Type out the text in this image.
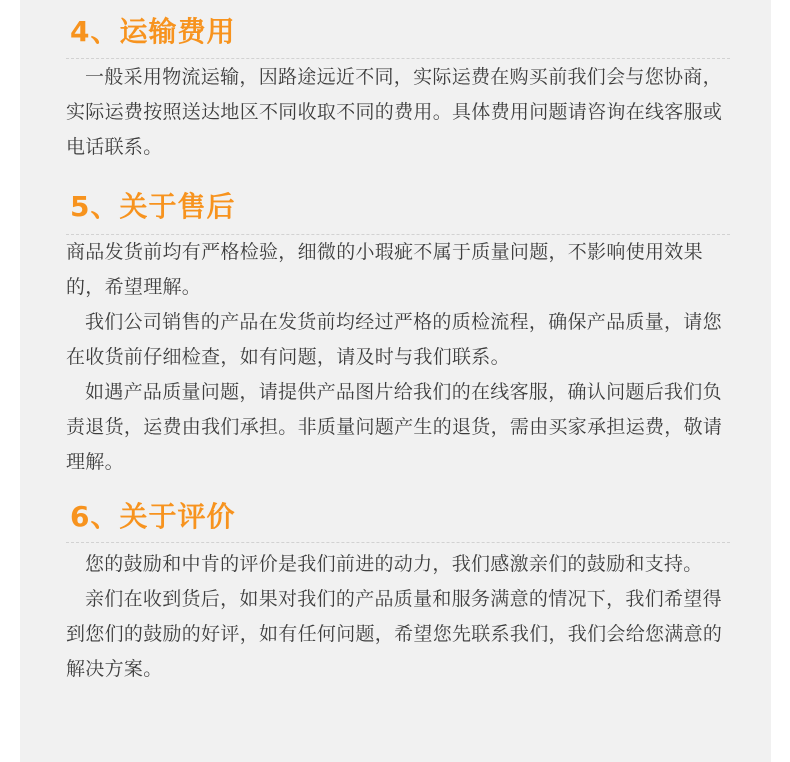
4、运输费用

一般采用物流运输，因路途远近不同，实际运费在购买前我们会与您协商，实际运费按照送达地区不同收取不同的费用。具体费用问题请咨询在线客服或电话联系。

5、关于售后

商品发货前均有严格检验，细微的小瑕疵不属于质量问题，不影响使用效果的，希望理解。

我们公司销售的产品在发货前均经过严格的质检流程，确保产品质量，请您在收货前仔细检查，如有问题，请及时与我们联系。

如遇产品质量问题，请提供产品图片给我们的在线客服，确认问题后我们负责退货，运费由我们承担。非质量问题产生的退货，需由买家承担运费，敬请理解。

6、关于评价

您的鼓励和中肯的评价是我们前进的动力，我们感激亲们的鼓励和支持。

亲们在收到货后，如果对我们的产品质量和服务满意的情况下，我们希望得到您们的鼓励的好评，如有任何问题，希望您先联系我们，我们会给您满意的解决方案。
